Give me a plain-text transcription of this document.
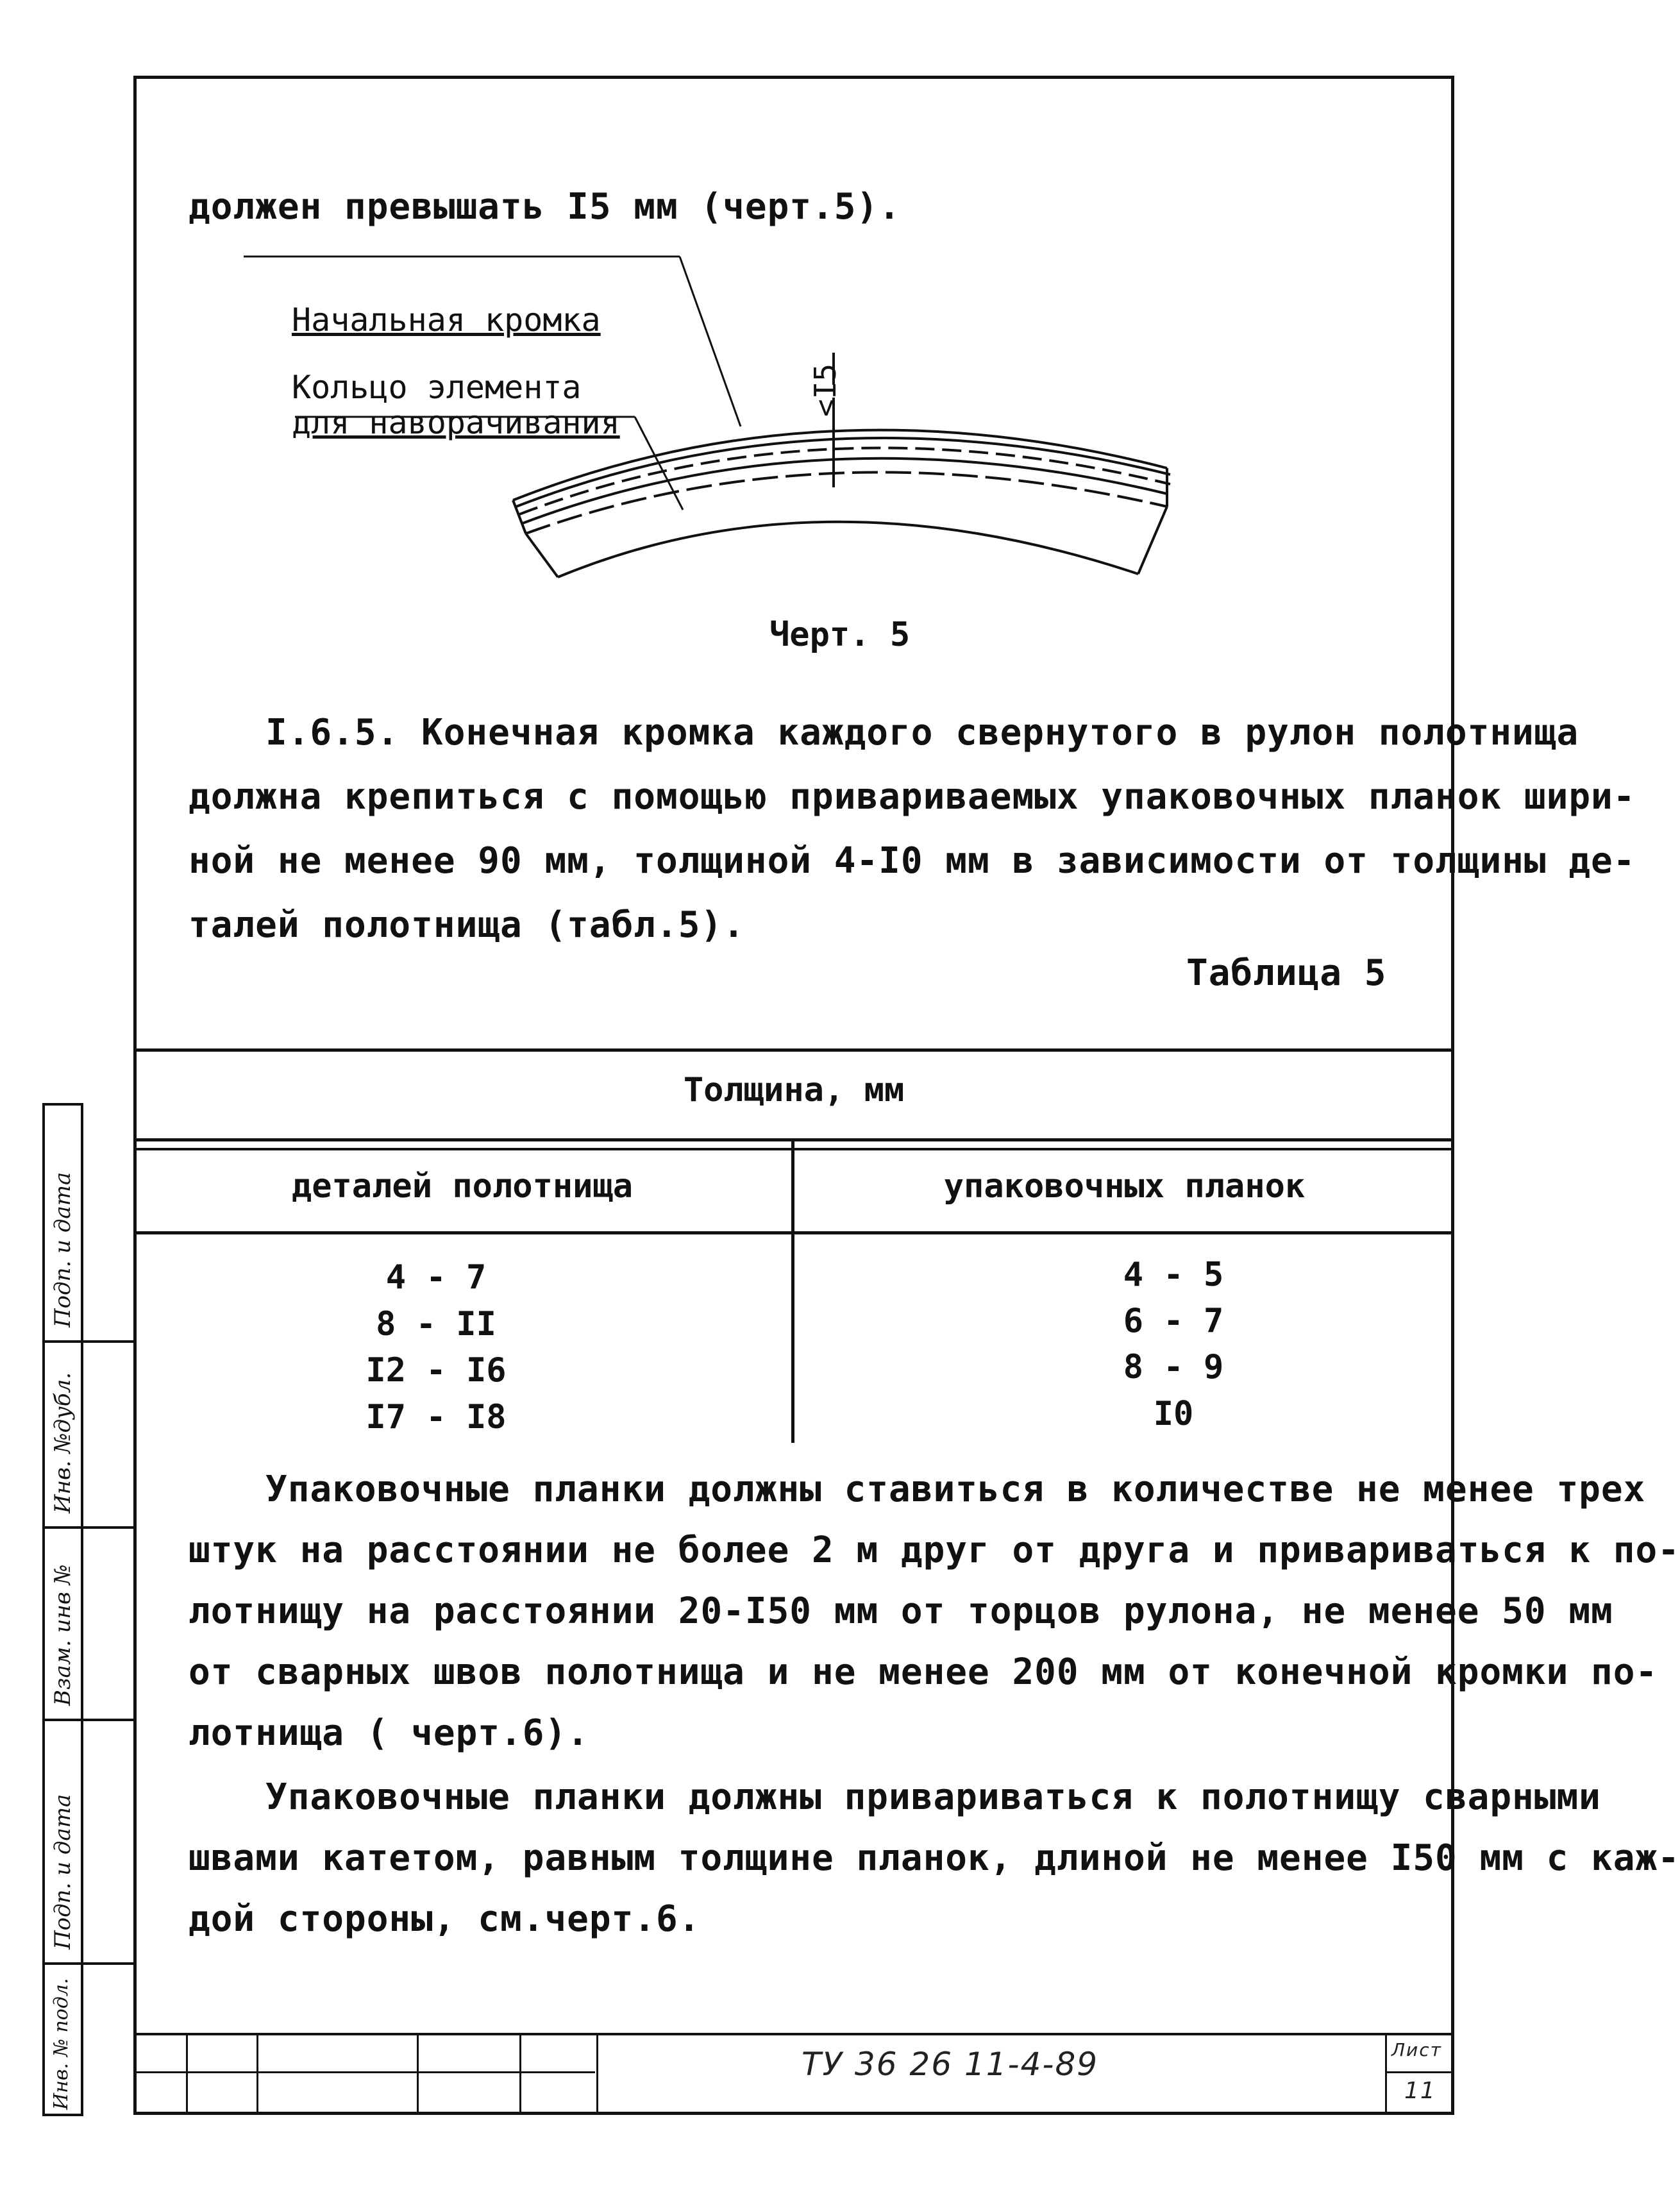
Подп. и дата
Инв. №дубл.
Взам. инв №
Подп. и дата
Инв. № подл.
должен превышать I5 мм (черт.5).
Начальная кромка
Кольцо элемента
для наворачивания
<I5
Черт. 5
I.6.5. Конечная кромка каждого свернутого в рулон полотнища
должна крепиться с помощью привариваемых упаковочных планок шири-
ной не менее 90 мм, толщиной 4-I0 мм в зависимости от толщины де-
талей полотнища (табл.5).
Таблица 5
Толщина, мм
деталей полотнища	упаковочных планок
4 - 7
8 - II
I2 - I6
I7 - I8
4 - 5
6 - 7
8 - 9
I0
Упаковочные планки должны ставиться в количестве не менее трех
штук на расстоянии не более 2 м друг от друга и привариваться к по-
лотнищу на расстоянии 20-I50 мм от торцов рулона, не менее 50 мм
от сварных швов полотнища и не менее 200 мм от конечной кромки по-
лотнища ( черт.6).
Упаковочные планки должны привариваться к полотнищу сварными
швами катетом, равным толщине планок, длиной не менее I50 мм с каж-
дой стороны, см.черт.6.
ТУ 36 26 11-4-89	Лист
11
